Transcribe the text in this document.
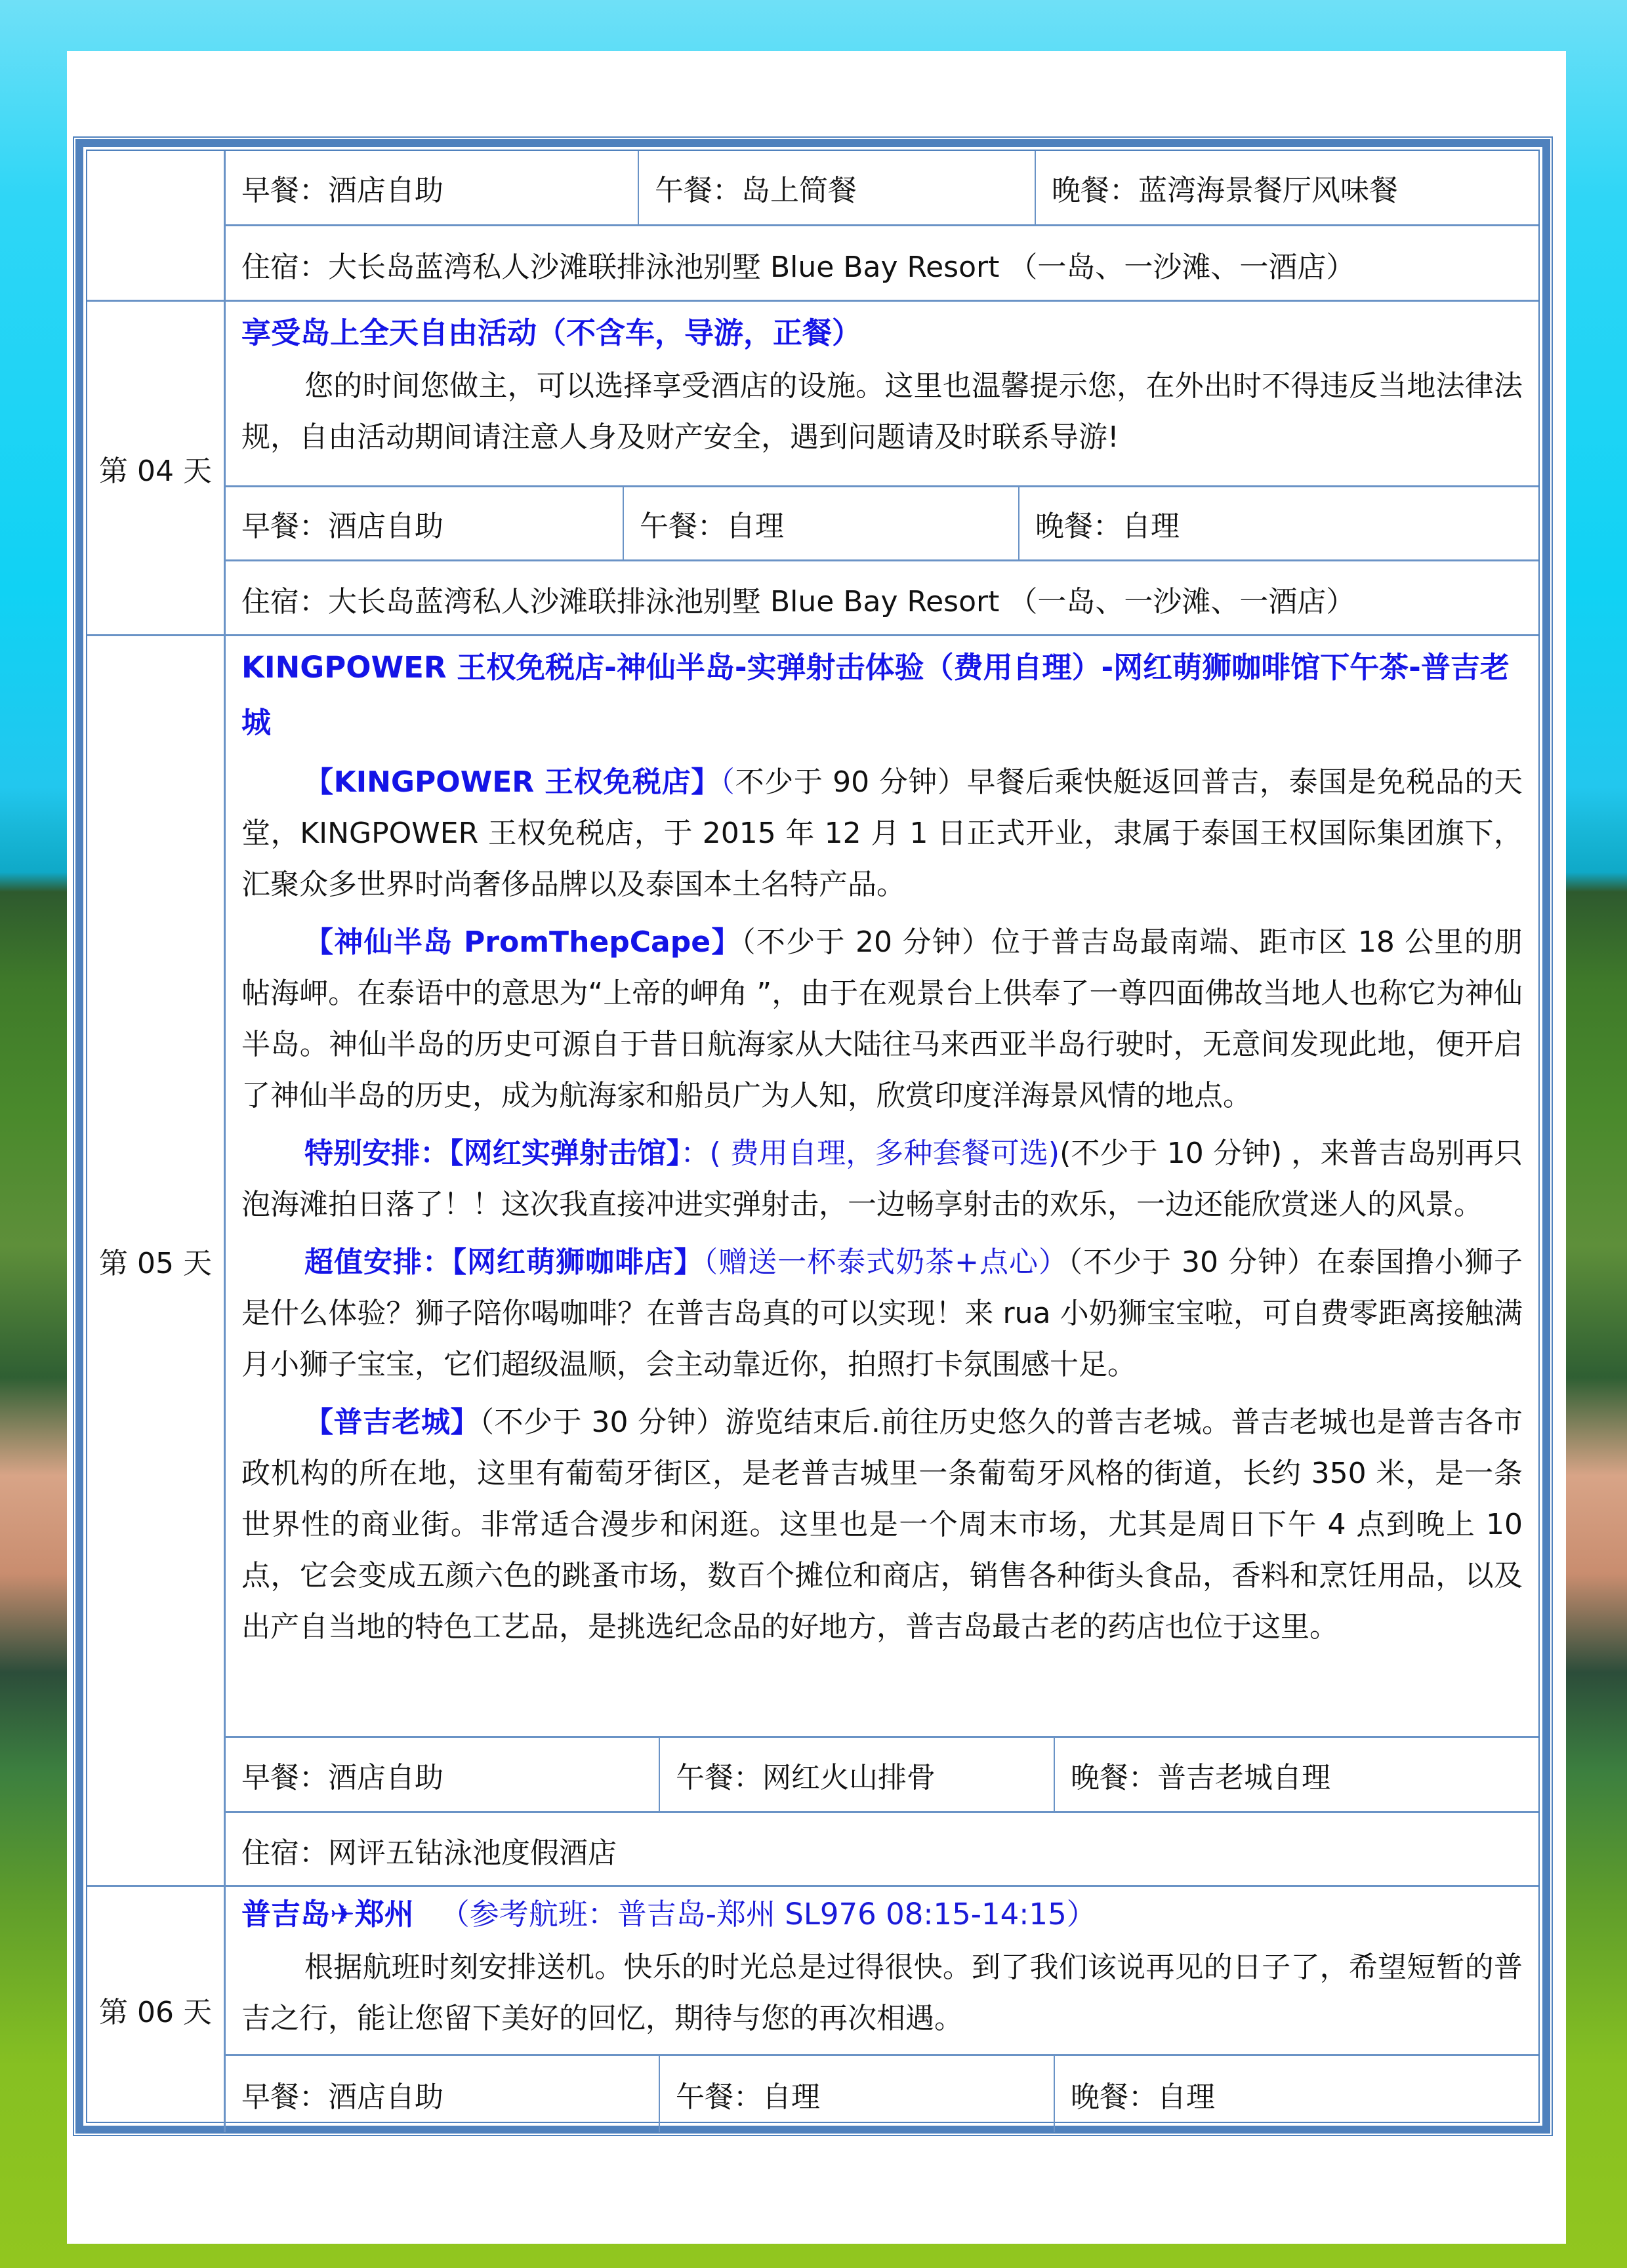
早餐：酒店自助	午餐：岛上简餐	晚餐：蓝湾海景餐厅风味餐
住宿：大长岛蓝湾私人沙滩联排泳池别墅 Blue Bay Resort （一岛、一沙滩、一酒店）
第 04 天
享受岛上全天自由活动（不含车，导游，正餐）
您的时间您做主，可以选择享受酒店的设施。这里也温馨提示您，在外出时不得违反当地法律法规，自由活动期间请注意人身及财产安全，遇到问题请及时联系导游!
早餐：酒店自助	午餐：自理	晚餐：自理
住宿：大长岛蓝湾私人沙滩联排泳池别墅 Blue Bay Resort （一岛、一沙滩、一酒店）
第 05 天
KINGPOWER 王权免税店-神仙半岛-实弹射击体验（费用自理）-网红萌狮咖啡馆下午茶-普吉老城
【KINGPOWER 王权免税店】（不少于 90 分钟）早餐后乘快艇返回普吉，泰国是免税品的天堂，KINGPOWER 王权免税店，于 2015 年 12 月 1 日正式开业，隶属于泰国王权国际集团旗下，汇聚众多世界时尚奢侈品牌以及泰国本土名特产品。
【神仙半岛 PromThepCape】（不少于 20 分钟）位于普吉岛最南端、距市区 18 公里的朋帖海岬。在泰语中的意思为“上帝的岬角 ”，由于在观景台上供奉了一尊四面佛故当地人也称它为神仙半岛。神仙半岛的历史可源自于昔日航海家从大陆往马来西亚半岛行驶时，无意间发现此地，便开启了神仙半岛的历史，成为航海家和船员广为人知，欣赏印度洋海景风情的地点。
特别安排：【网红实弹射击馆】：( 费用自理，多种套餐可选)(不少于 10 分钟) ，来普吉岛别再只泡海滩拍日落了！！这次我直接冲进实弹射击，一边畅享射击的欢乐，一边还能欣赏迷人的风景。
超值安排：【网红萌狮咖啡店】（赠送一杯泰式奶茶+点心）（不少于 30 分钟）在泰国撸小狮子是什么体验？狮子陪你喝咖啡？在普吉岛真的可以实现！来 rua 小奶狮宝宝啦，可自费零距离接触满月小狮子宝宝，它们超级温顺，会主动靠近你，拍照打卡氛围感十足。
【普吉老城】（不少于 30 分钟）游览结束后.前往历史悠久的普吉老城。普吉老城也是普吉各市政机构的所在地，这里有葡萄牙街区，是老普吉城里一条葡萄牙风格的街道，长约 350 米，是一条世界性的商业街。非常适合漫步和闲逛。这里也是一个周末市场，尤其是周日下午 4 点到晚上 10 点，它会变成五颜六色的跳蚤市场，数百个摊位和商店，销售各种街头食品，香料和烹饪用品，以及出产自当地的特色工艺品，是挑选纪念品的好地方，普吉岛最古老的药店也位于这里。
早餐：酒店自助	午餐：网红火山排骨	晚餐：普吉老城自理
住宿：网评五钻泳池度假酒店
第 06 天
普吉岛✈郑州 （参考航班：普吉岛-郑州 SL976 08:15-14:15）
根据航班时刻安排送机。快乐的时光总是过得很快。到了我们该说再见的日子了，希望短暂的普吉之行，能让您留下美好的回忆，期待与您的再次相遇。
早餐：酒店自助	午餐：自理	晚餐：自理
